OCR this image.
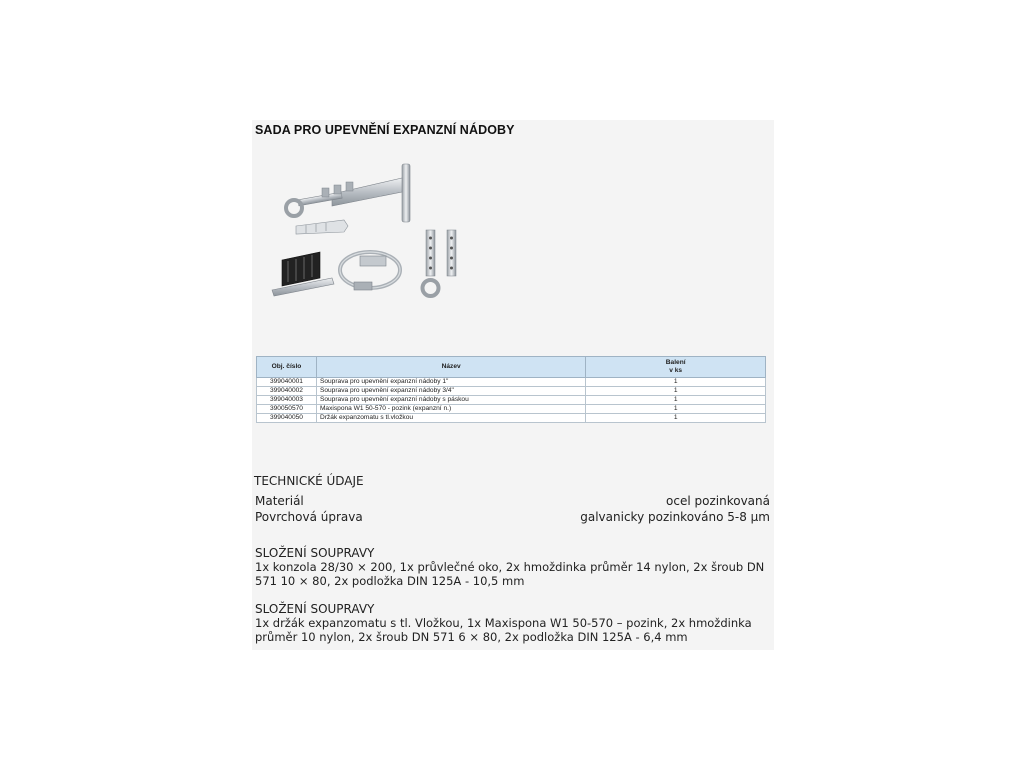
SADA PRO UPEVNĚNÍ EXPANZNÍ NÁDOBY
Obj. číslo	Název	Balení
v ks
399040001	Souprava pro upevnění expanzní nádoby 1"	1
399040002	Souprava pro upevnění expanzní nádoby 3/4"	1
399040003	Souprava pro upevnění expanzní nádoby s páskou	1
390050570	Maxispona W1 50-570 - pozink (expanzní n.)	1
399040050	Držák expanzomatu s tl.vložkou	1
TECHNICKÉ ÚDAJE
Materiál	ocel pozinkovaná
Povrchová úprava	galvanicky pozinkováno 5-8 µm
SLOŽENÍ SOUPRAVY
1x konzola 28/30 × 200, 1x průvlečné oko, 2x hmoždinka průměr 14 nylon, 2x šroub DN 571 10 × 80, 2x podložka DIN 125A - 10,5 mm
SLOŽENÍ SOUPRAVY
1x držák expanzomatu s tl. Vložkou, 1x Maxispona W1 50-570 – pozink, 2x hmoždinka průměr 10 nylon, 2x šroub DN 571 6 × 80, 2x podložka DIN 125A - 6,4 mm
